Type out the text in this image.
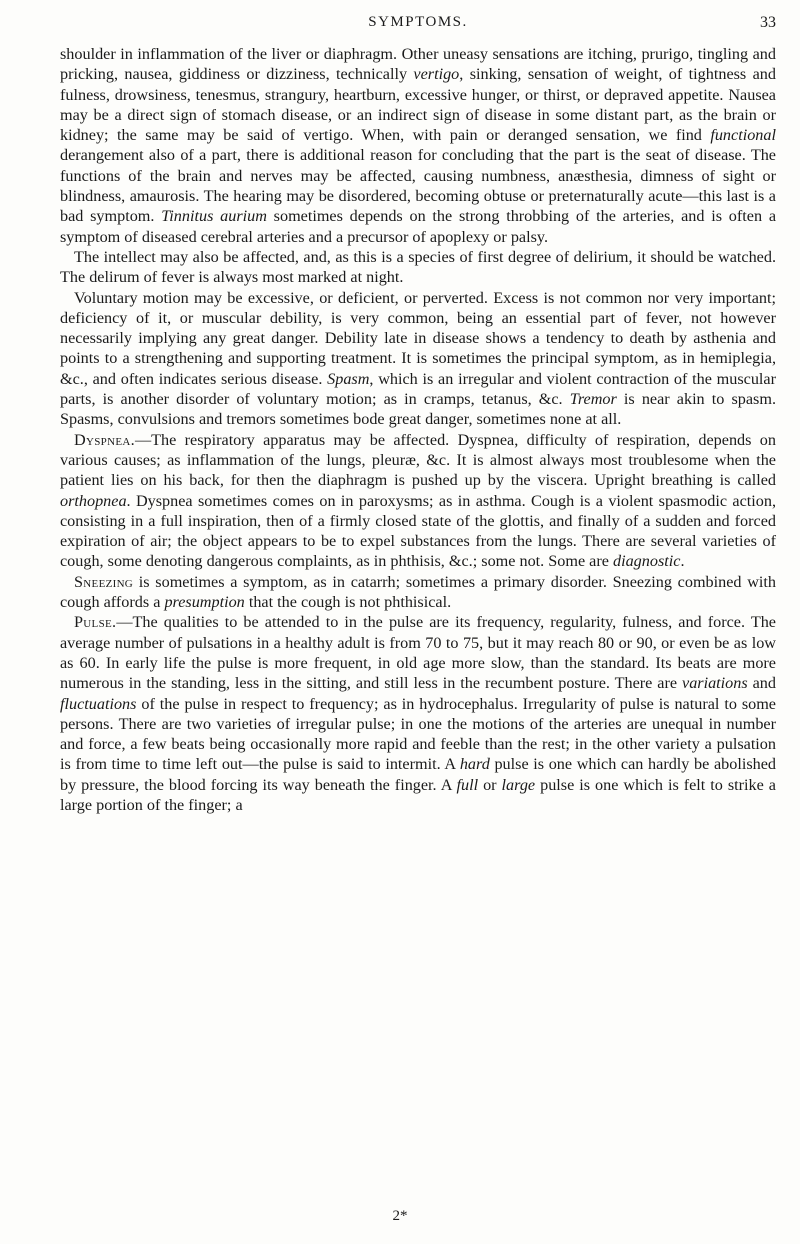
SYMPTOMS.	33

shoulder in inflammation of the liver or diaphragm. Other uneasy sensations are itching, prurigo, tingling and pricking, nausea, giddiness or dizziness, technically vertigo, sinking, sensation of weight, of tightness and fulness, drowsiness, tenesmus, strangury, heartburn, excessive hunger, or thirst, or depraved appetite. Nausea may be a direct sign of stomach disease, or an indirect sign of disease in some distant part, as the brain or kidney; the same may be said of vertigo. When, with pain or deranged sensation, we find functional derangement also of a part, there is additional reason for concluding that the part is the seat of disease. The functions of the brain and nerves may be affected, causing numbness, anæsthesia, dimness of sight or blindness, amaurosis. The hearing may be disordered, becoming obtuse or preternaturally acute—this last is a bad symptom. Tinnitus aurium sometimes depends on the strong throbbing of the arteries, and is often a symptom of diseased cerebral arteries and a precursor of apoplexy or palsy.

The intellect may also be affected, and, as this is a species of first degree of delirium, it should be watched. The delirum of fever is always most marked at night.

Voluntary motion may be excessive, or deficient, or perverted. Excess is not common nor very important; deficiency of it, or muscular debility, is very common, being an essential part of fever, not however necessarily implying any great danger. Debility late in disease shows a tendency to death by asthenia and points to a strengthening and supporting treatment. It is sometimes the principal symptom, as in hemiplegia, &c., and often indicates serious disease. Spasm, which is an irregular and violent contraction of the muscular parts, is another disorder of voluntary motion; as in cramps, tetanus, &c. Tremor is near akin to spasm. Spasms, convulsions and tremors sometimes bode great danger, sometimes none at all.

Dyspnea.—The respiratory apparatus may be affected. Dyspnea, difficulty of respiration, depends on various causes; as inflammation of the lungs, pleuræ, &c. It is almost always most troublesome when the patient lies on his back, for then the diaphragm is pushed up by the viscera. Upright breathing is called orthopnea. Dyspnea sometimes comes on in paroxysms; as in asthma. Cough is a violent spasmodic action, consisting in a full inspiration, then of a firmly closed state of the glottis, and finally of a sudden and forced expiration of air; the object appears to be to expel substances from the lungs. There are several varieties of cough, some denoting dangerous complaints, as in phthisis, &c.; some not. Some are diagnostic.

Sneezing is sometimes a symptom, as in catarrh; sometimes a primary disorder. Sneezing combined with cough affords a presumption that the cough is not phthisical.

Pulse.—The qualities to be attended to in the pulse are its frequency, regularity, fulness, and force. The average number of pulsations in a healthy adult is from 70 to 75, but it may reach 80 or 90, or even be as low as 60. In early life the pulse is more frequent, in old age more slow, than the standard. Its beats are more numerous in the standing, less in the sitting, and still less in the recumbent posture. There are variations and fluctuations of the pulse in respect to frequency; as in hydrocephalus. Irregularity of pulse is natural to some persons. There are two varieties of irregular pulse; in one the motions of the arteries are unequal in number and force, a few beats being occasionally more rapid and feeble than the rest; in the other variety a pulsation is from time to time left out—the pulse is said to intermit. A hard pulse is one which can hardly be abolished by pressure, the blood forcing its way beneath the finger. A full or large pulse is one which is felt to strike a large portion of the finger; a

2*
